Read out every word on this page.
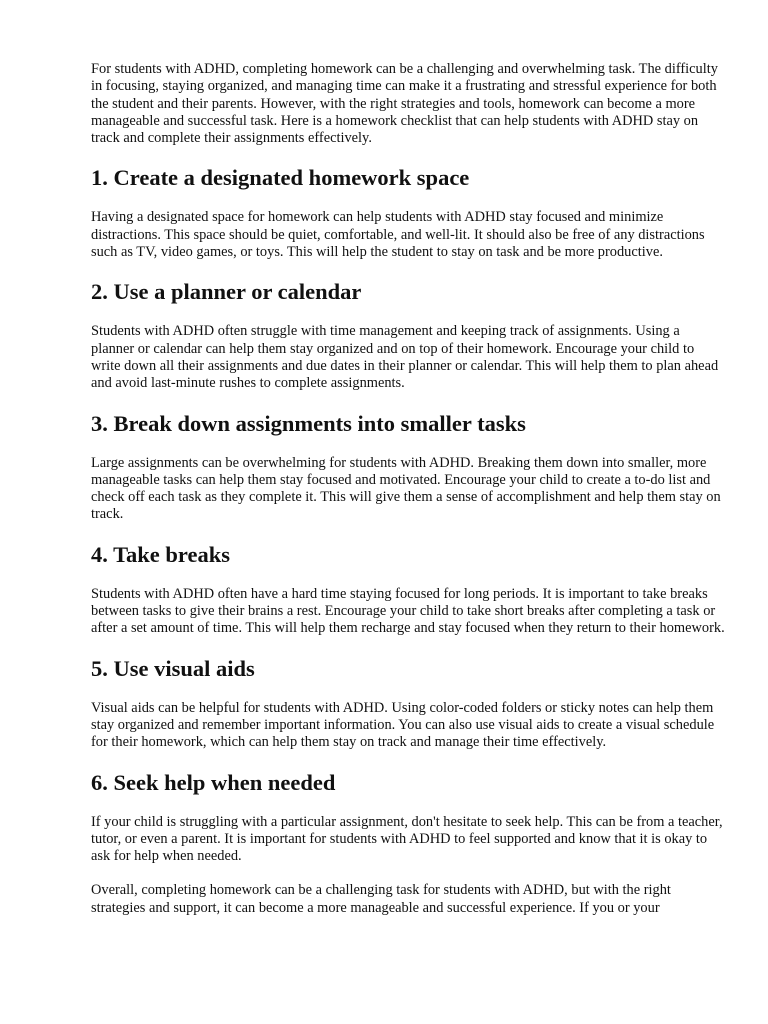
For students with ADHD, completing homework can be a challenging and overwhelming task. The difficulty in focusing, staying organized, and managing time can make it a frustrating and stressful experience for both the student and their parents. However, with the right strategies and tools, homework can become a more manageable and successful task. Here is a homework checklist that can help students with ADHD stay on track and complete their assignments effectively.

1. Create a designated homework space

Having a designated space for homework can help students with ADHD stay focused and minimize distractions. This space should be quiet, comfortable, and well-lit. It should also be free of any distractions such as TV, video games, or toys. This will help the student to stay on task and be more productive.

2. Use a planner or calendar

Students with ADHD often struggle with time management and keeping track of assignments. Using a planner or calendar can help them stay organized and on top of their homework. Encourage your child to write down all their assignments and due dates in their planner or calendar. This will help them to plan ahead and avoid last-minute rushes to complete assignments.

3. Break down assignments into smaller tasks

Large assignments can be overwhelming for students with ADHD. Breaking them down into smaller, more manageable tasks can help them stay focused and motivated. Encourage your child to create a to-do list and check off each task as they complete it. This will give them a sense of accomplishment and help them stay on track.

4. Take breaks

Students with ADHD often have a hard time staying focused for long periods. It is important to take breaks between tasks to give their brains a rest. Encourage your child to take short breaks after completing a task or after a set amount of time. This will help them recharge and stay focused when they return to their homework.

5. Use visual aids

Visual aids can be helpful for students with ADHD. Using color-coded folders or sticky notes can help them stay organized and remember important information. You can also use visual aids to create a visual schedule for their homework, which can help them stay on track and manage their time effectively.

6. Seek help when needed

If your child is struggling with a particular assignment, don't hesitate to seek help. This can be from a teacher, tutor, or even a parent. It is important for students with ADHD to feel supported and know that it is okay to ask for help when needed.

Overall, completing homework can be a challenging task for students with ADHD, but with the right strategies and support, it can become a more manageable and successful experience. If you or your
